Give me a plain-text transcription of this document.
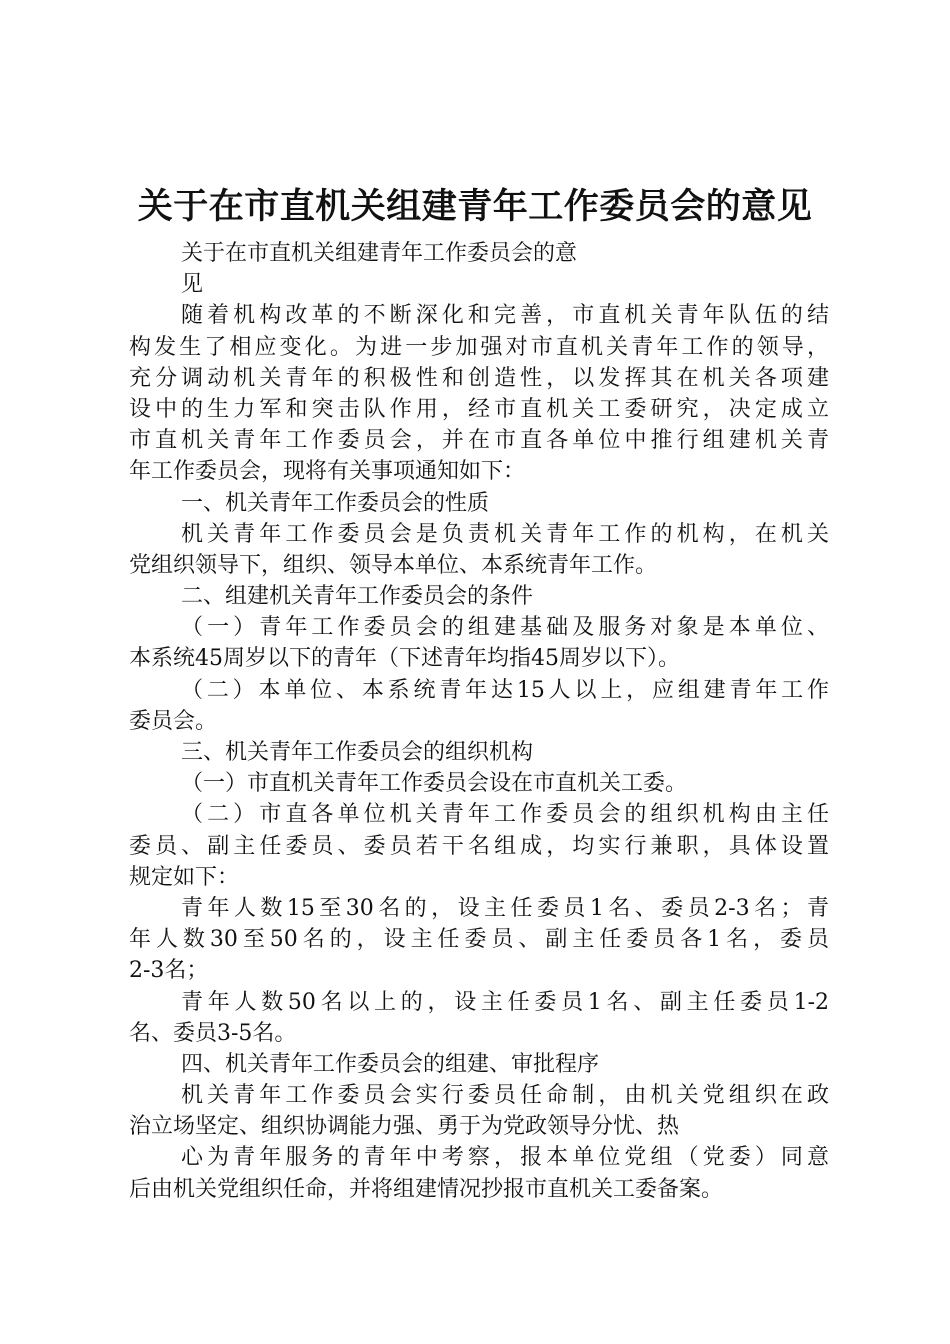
关于在市直机关组建青年工作委员会的意见
关于在市直机关组建青年工作委员会的意
见
随着机构改革的不断深化和完善，市直机关青年队伍的结
构发生了相应变化。为进一步加强对市直机关青年工作的领导，
充分调动机关青年的积极性和创造性，以发挥其在机关各项建
设中的生力军和突击队作用，经市直机关工委研究，决定成立
市直机关青年工作委员会，并在市直各单位中推行组建机关青
年工作委员会，现将有关事项通知如下：
一、机关青年工作委员会的性质
机关青年工作委员会是负责机关青年工作的机构，在机关
党组织领导下，组织、领导本单位、本系统青年工作。
二、组建机关青年工作委员会的条件
（一）青年工作委员会的组建基础及服务对象是本单位、
本系统45周岁以下的青年（下述青年均指45周岁以下）。
（二）本单位、本系统青年达15人以上，应组建青年工作
委员会。
三、机关青年工作委员会的组织机构
（一）市直机关青年工作委员会设在市直机关工委。
（二）市直各单位机关青年工作委员会的组织机构由主任
委员、副主任委员、委员若干名组成，均实行兼职，具体设置
规定如下：
青年人数15至30名的，设主任委员1名、委员2-3名；青
年人数30至50名的，设主任委员、副主任委员各1名，委员
2-3名；
青年人数50名以上的，设主任委员1名、副主任委员1-2
名、委员3-5名。
四、机关青年工作委员会的组建、审批程序
机关青年工作委员会实行委员任命制，由机关党组织在政
治立场坚定、组织协调能力强、勇于为党政领导分忧、热
心为青年服务的青年中考察，报本单位党组（党委）同意
后由机关党组织任命，并将组建情况抄报市直机关工委备案。
